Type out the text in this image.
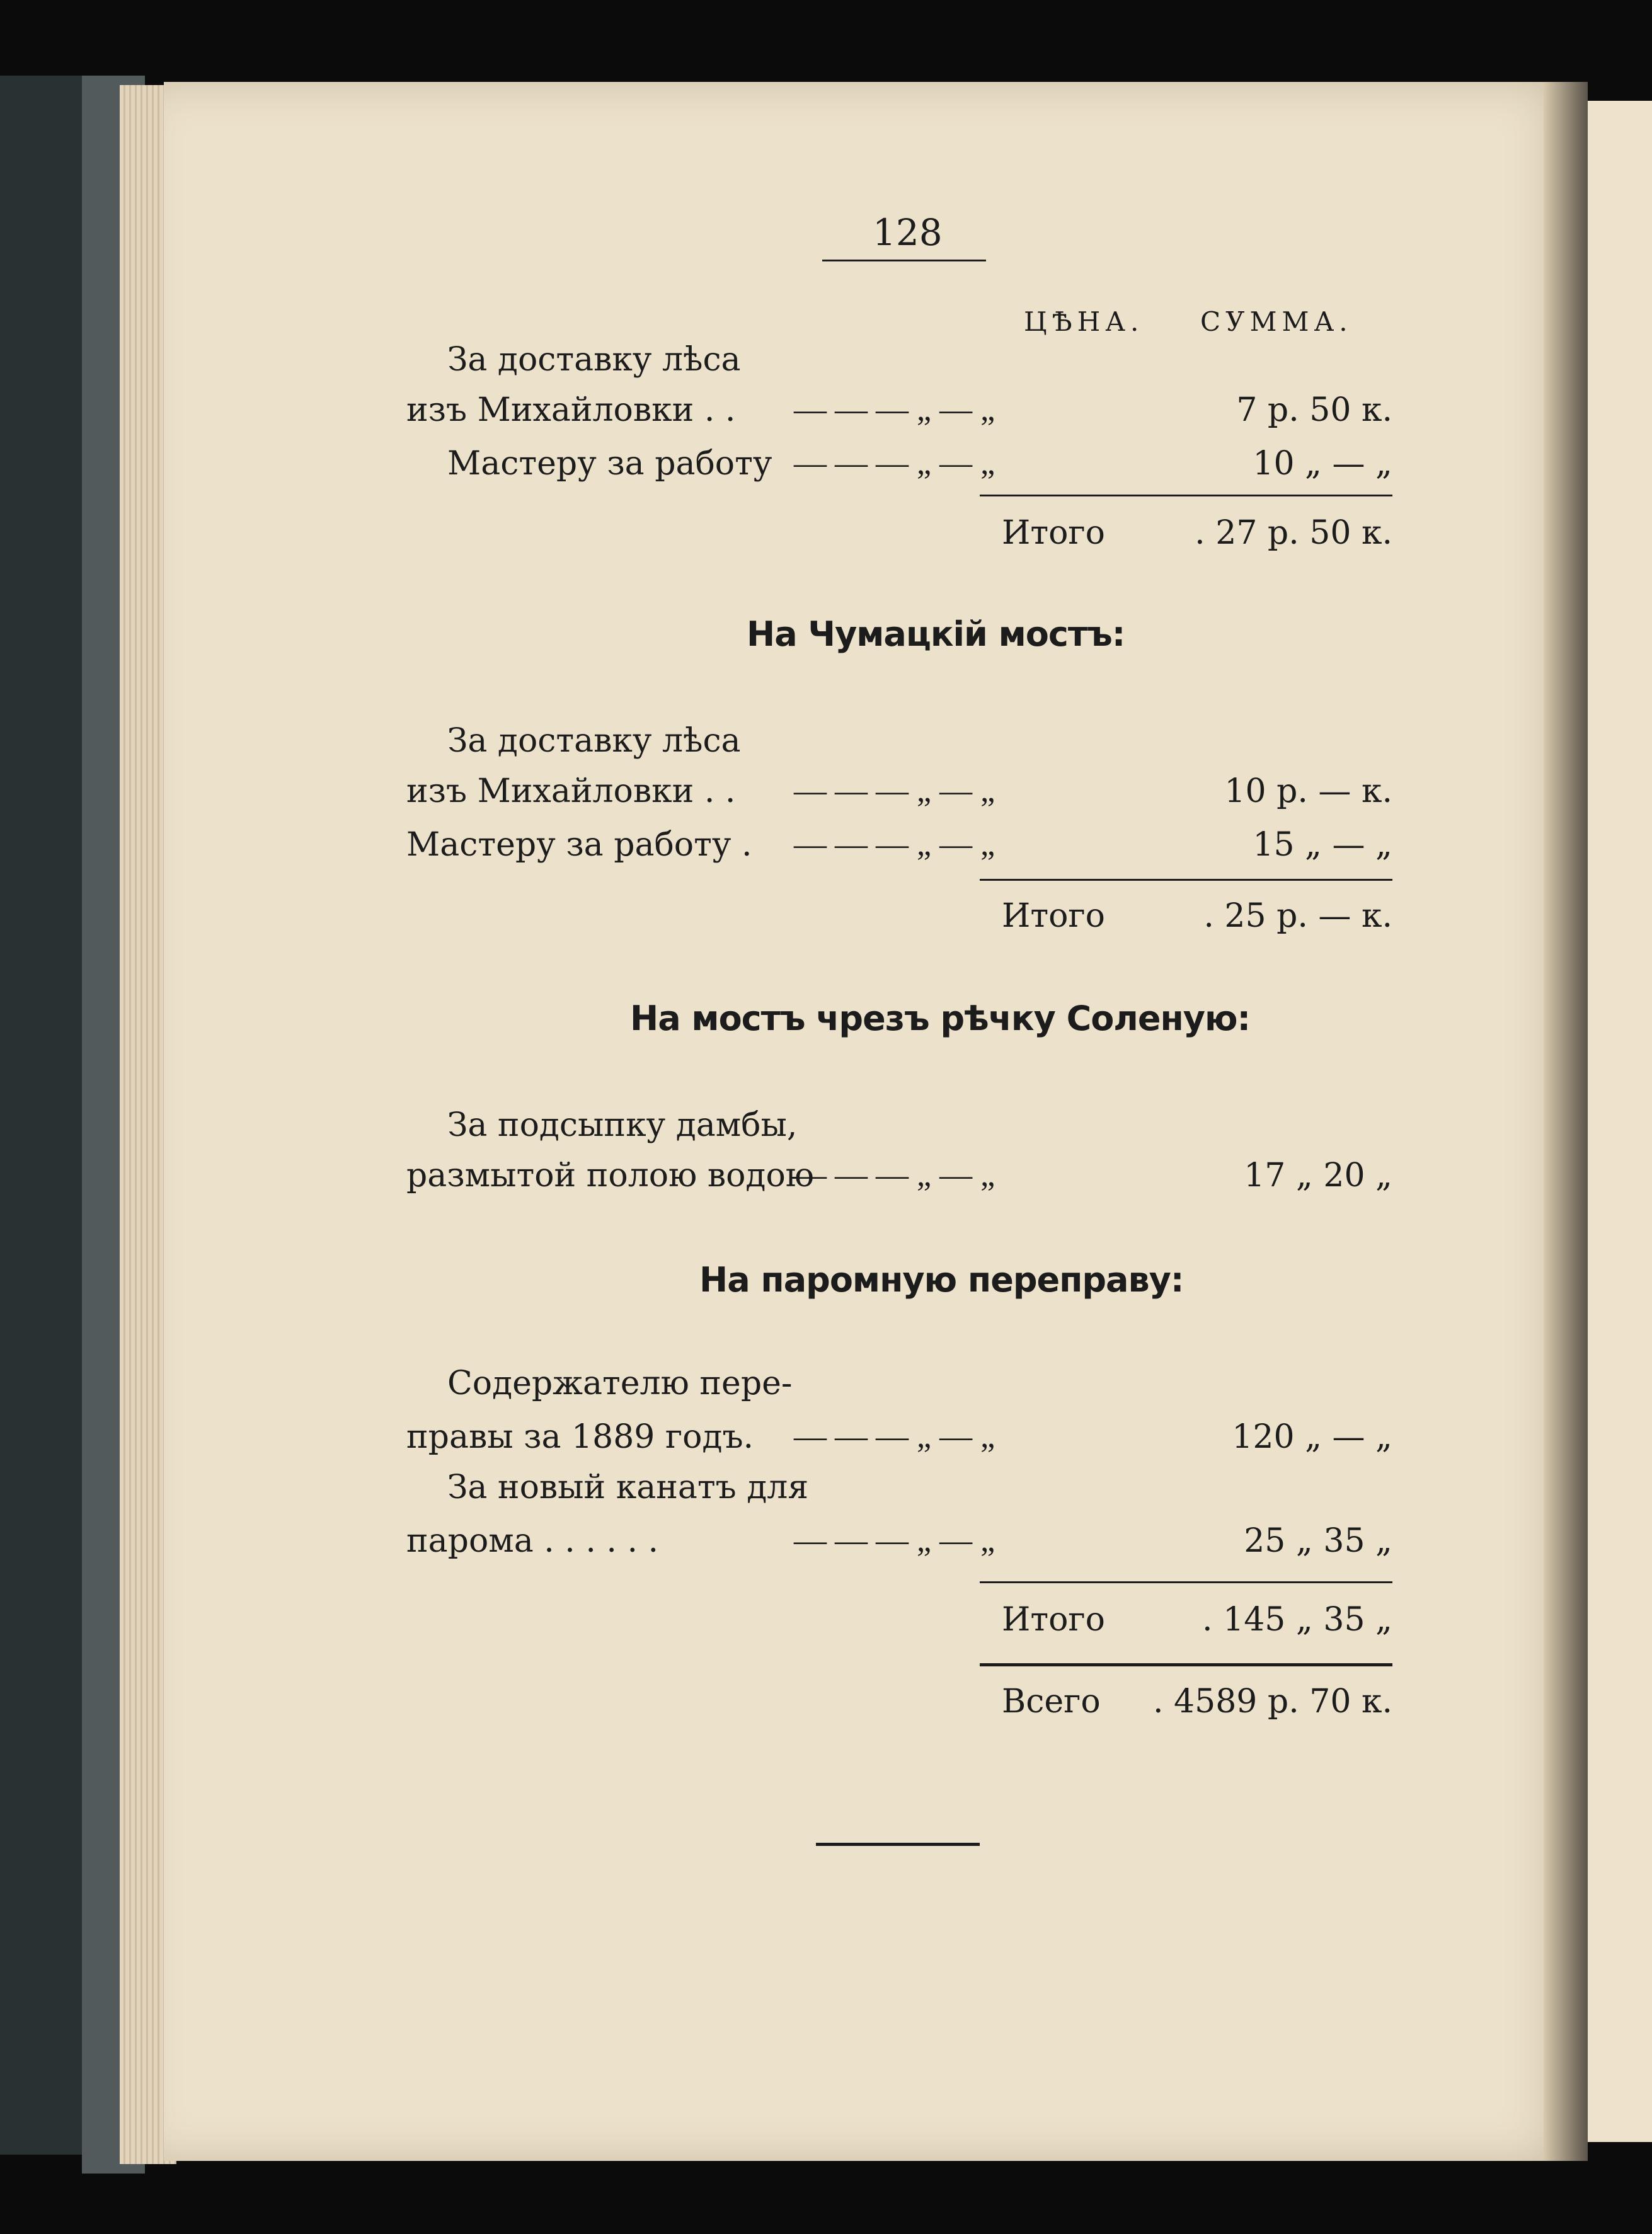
128
ЦѢНА. СУММА.
За доставку лѣса
изъ Михайловки . . — — — „ — „	7 р. 50 к.
Мастеру за работу — — — „ — „	10 „ — „
Итого	. 27 р. 50 к.
На Чумацкій мостъ:
За доставку лѣса
изъ Михайловки . . — — — „ — „	10 р. — к.
Мастеру за работу . — — — „ — „	15 „ — „
Итого	. 25 р. — к.
На мостъ чрезъ рѣчку Соленую:
За подсыпку дамбы,
размытой полою водою
— — — „ — „	17 „ 20 „
На паромную переправу:
Содержателю пере-
правы за 1889 годъ. — — — „ — „	120 „ — „
За новый канатъ для
парома . . . . . .	— — — „ — „	25 „ 35 „
Итого	. 145 „ 35 „
Всего	. 4589 р. 70 к.
